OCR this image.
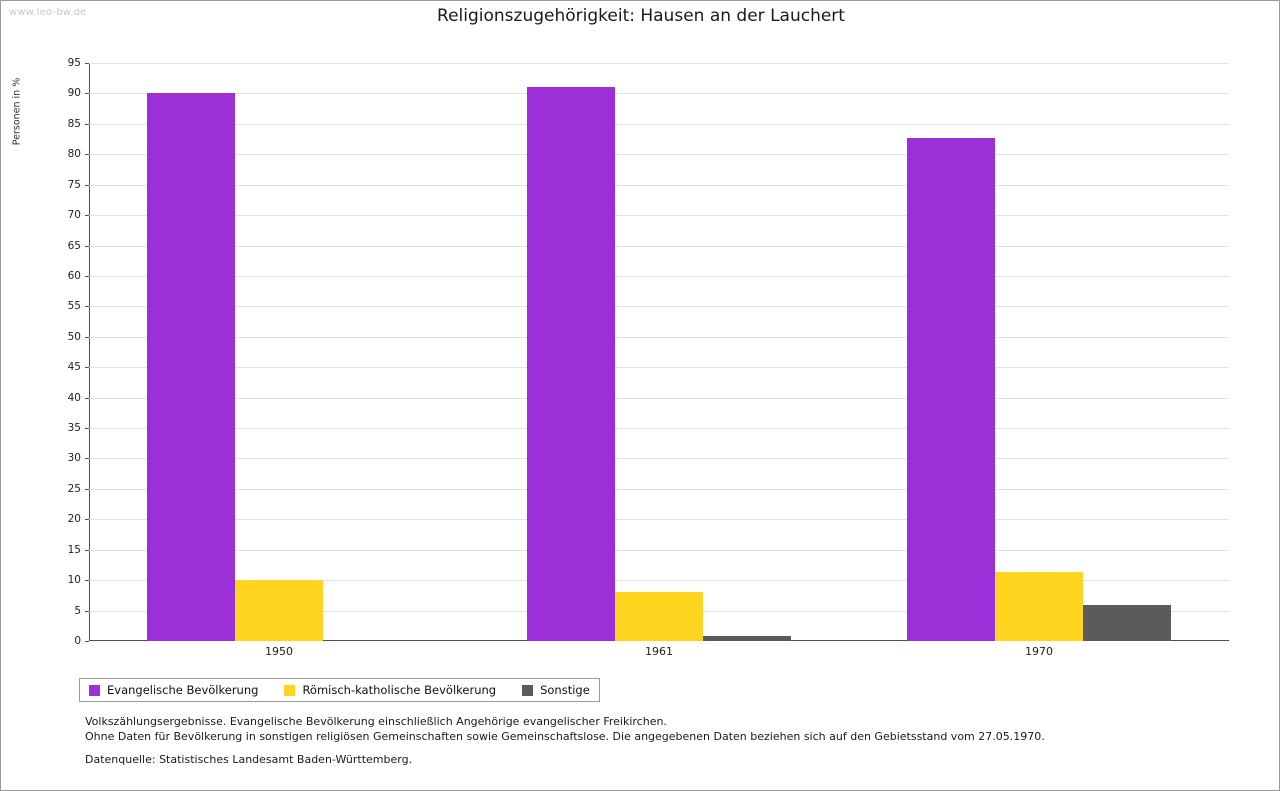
www.leo-bw.de	Religionszugehörigkeit: Hausen an der Lauchert
Personen in %
0
5
10
15
20
25
30
35
40
45
50
55
60
65
70
75
80
85
90
95
1950	1961	1970
Evangelische Bevölkerung	Römisch-katholische Bevölkerung	Sonstige
Volkszählungsergebnisse. Evangelische Bevölkerung einschließlich Angehörige evangelischer Freikirchen.
Ohne Daten für Bevölkerung in sonstigen religiösen Gemeinschaften sowie Gemeinschaftslose. Die angegebenen Daten beziehen sich auf den Gebietsstand vom 27.05.1970.
Datenquelle: Statistisches Landesamt Baden-Württemberg.
